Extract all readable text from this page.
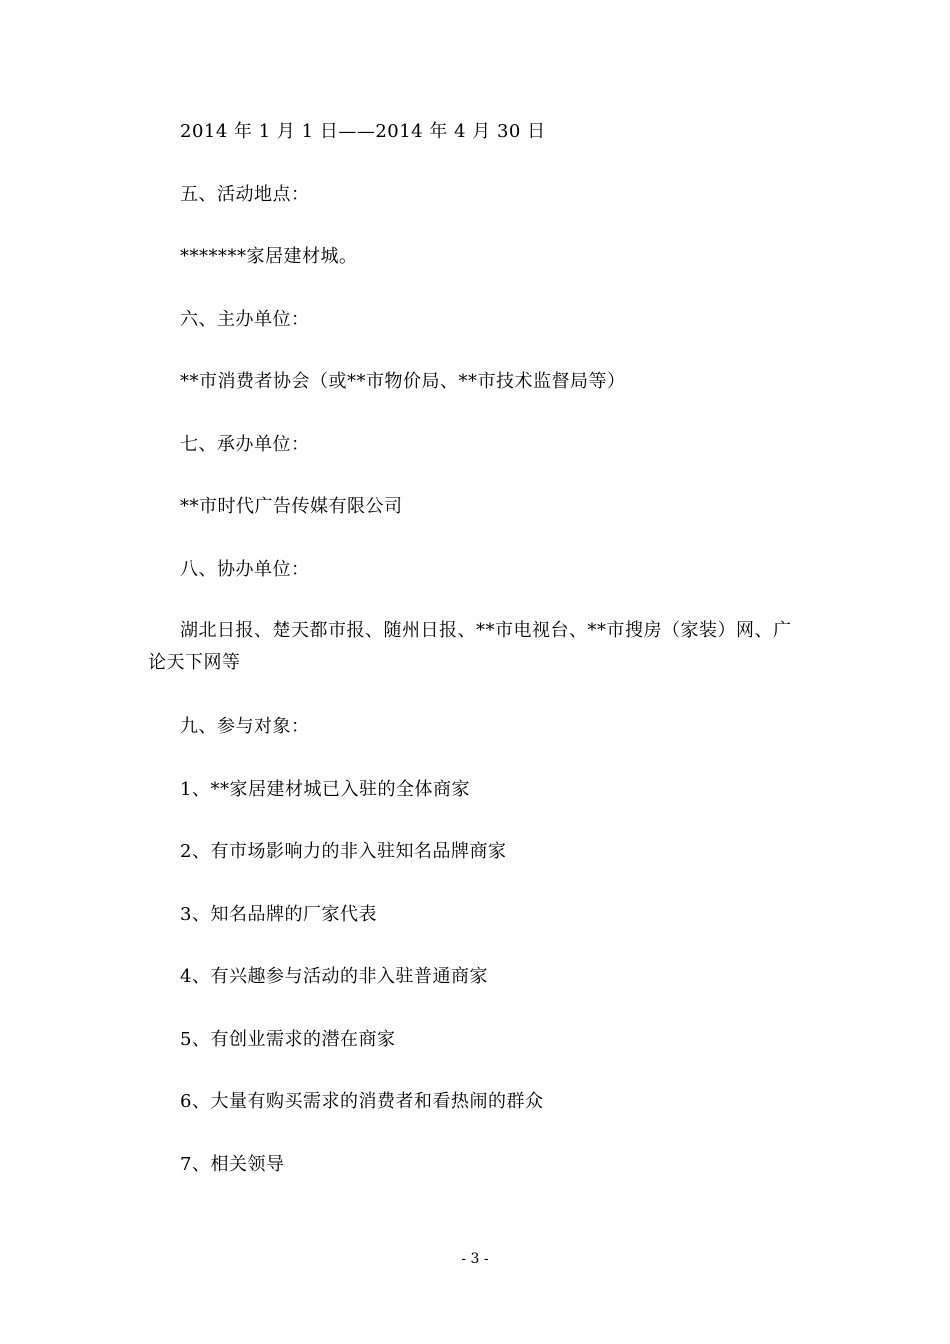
2014 年 1 月 1 日——2014 年 4 月 30 日
五、活动地点：
*******家居建材城。
六、主办单位：
**市消费者协会（或**市物价局、**市技术监督局等）
七、承办单位：
**市时代广告传媒有限公司
八、协办单位：
湖北日报、楚天都市报、随州日报、**市电视台、**市搜房（家装）网、广论天下网等
九、参与对象：
1、**家居建材城已入驻的全体商家
2、有市场影响力的非入驻知名品牌商家
3、知名品牌的厂家代表
4、有兴趣参与活动的非入驻普通商家
5、有创业需求的潜在商家
6、大量有购买需求的消费者和看热闹的群众
7、相关领导
- 3 -
